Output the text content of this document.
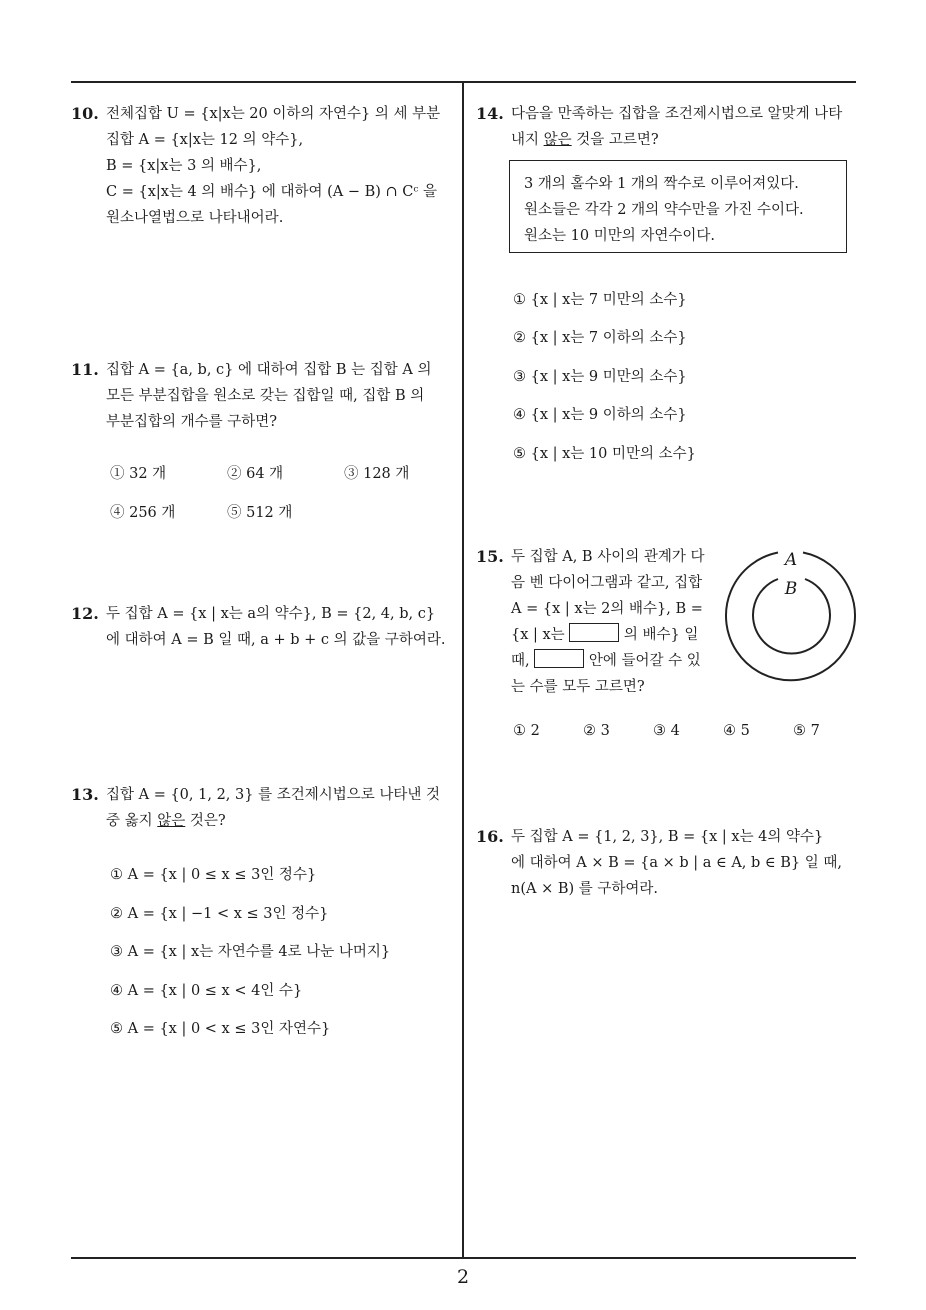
10. 전체집합 U = {x|x는 20 이하의 자연수} 의 세 부분
집합 A = {x|x는 12 의 약수},
B = {x|x는 3 의 배수},
C = {x|x는 4 의 배수} 에 대하여 (A − B) ∩ Cᶜ 을
원소나열법으로 나타내어라.
11. 집합 A = {a, b, c} 에 대하여 집합 B 는 집합 A 의
모든 부분집합을 원소로 갖는 집합일 때, 집합 B 의
부분집합의 개수를 구하면?
① 32 개	② 64 개	③ 128 개
④ 256 개	⑤ 512 개
12. 두 집합 A = {x | x는 a의 약수}, B = {2, 4, b, c}
에 대하여 A = B 일 때, a + b + c 의 값을 구하여라.
13. 집합 A = {0, 1, 2, 3} 를 조건제시법으로 나타낸 것
중 옳지 않은 것은?
① A = {x | 0 ≤ x ≤ 3인 정수}
② A = {x | −1 < x ≤ 3인 정수}
③ A = {x | x는 자연수를 4로 나눈 나머지}
④ A = {x | 0 ≤ x < 4인 수}
⑤ A = {x | 0 < x ≤ 3인 자연수}
14. 다음을 만족하는 집합을 조건제시법으로 알맞게 나타
내지 않은 것을 고르면?
3 개의 홀수와 1 개의 짝수로 이루어져있다.
원소들은 각각 2 개의 약수만을 가진 수이다.
원소는 10 미만의 자연수이다.
① {x | x는 7 미만의 소수}
② {x | x는 7 이하의 소수}
③ {x | x는 9 미만의 소수}
④ {x | x는 9 이하의 소수}
⑤ {x | x는 10 미만의 소수}
15. 두 집합 A, B 사이의 관계가 다
음 벤 다이어그램과 같고, 집합
A = {x | x는 2의 배수}, B =
{x | x는	의 배수} 일
때,	안에 들어갈 수 있
는 수를 모두 고르면?
A
B
① 2	② 3	③ 4	④ 5	⑤ 7
16. 두 집합 A = {1, 2, 3}, B = {x | x는 4의 약수}
에 대하여 A × B = {a × b | a ∈ A, b ∈ B} 일 때,
n(A × B) 를 구하여라.
2
